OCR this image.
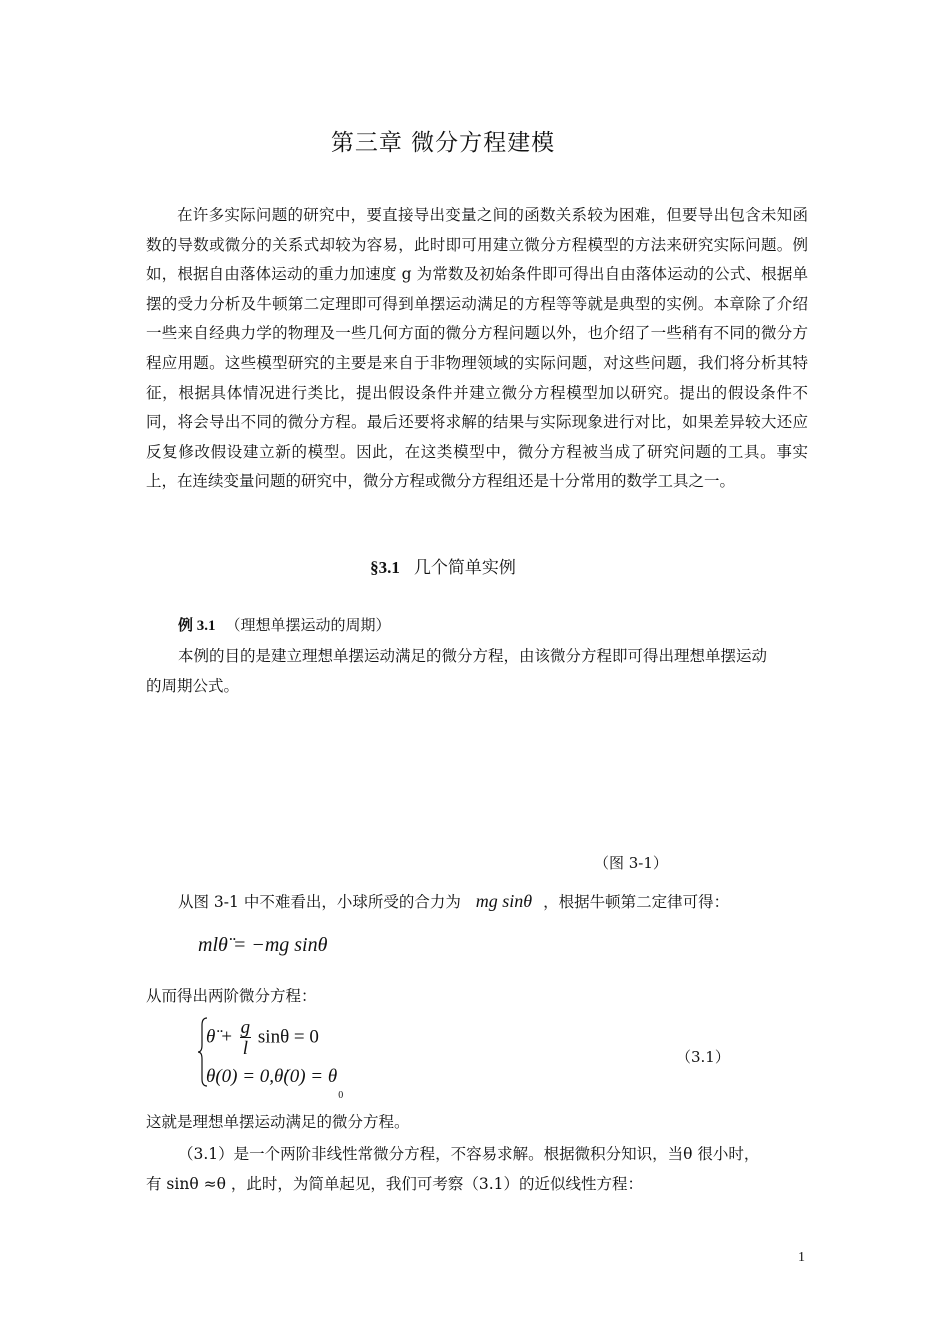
第三章 微分方程建模

在许多实际问题的研究中，要直接导出变量之间的函数关系较为困难，但要导出包含未知函数的导数或微分的关系式却较为容易，此时即可用建立微分方程模型的方法来研究实际问题。例如，根据自由落体运动的重力加速度 g 为常数及初始条件即可得出自由落体运动的公式、根据单摆的受力分析及牛顿第二定理即可得到单摆运动满足的方程等等就是典型的实例。本章除了介绍一些来自经典力学的物理及一些几何方面的微分方程问题以外，也介绍了一些稍有不同的微分方程应用题。这些模型研究的主要是来自于非物理领域的实际问题，对这些问题，我们将分析其特征，根据具体情况进行类比，提出假设条件并建立微分方程模型加以研究。提出的假设条件不同，将会导出不同的微分方程。最后还要将求解的结果与实际现象进行对比，如果差异较大还应反复修改假设建立新的模型。因此，在这类模型中，微分方程被当成了研究问题的工具。事实上，在连续变量问题的研究中，微分方程或微分方程组还是十分常用的数学工具之一。

§3.1 几个简单实例
例 3.1 （理想单摆运动的周期）
本例的目的是建立理想单摆运动满足的微分方程，由该微分方程即可得出理想单摆运动
的周期公式。
（图 3-1）
从图 3-1 中不难看出，小球所受的合力为 mg sinθ ，根据牛顿第二定律可得：
mlθ̈ = −mg sinθ
从而得出两阶微分方程：
θ̈ + $\frac{g}{l}$ sinθ = 0
θ(0) = 0,θ̇(0) = $\theta_0$
（3.1）
这就是理想单摆运动满足的微分方程。
（3.1）是一个两阶非线性常微分方程，不容易求解。根据微积分知识，当θ 很小时，
有 sinθ ≈θ ，此时，为简单起见，我们可考察（3.1）的近似线性方程：
1
